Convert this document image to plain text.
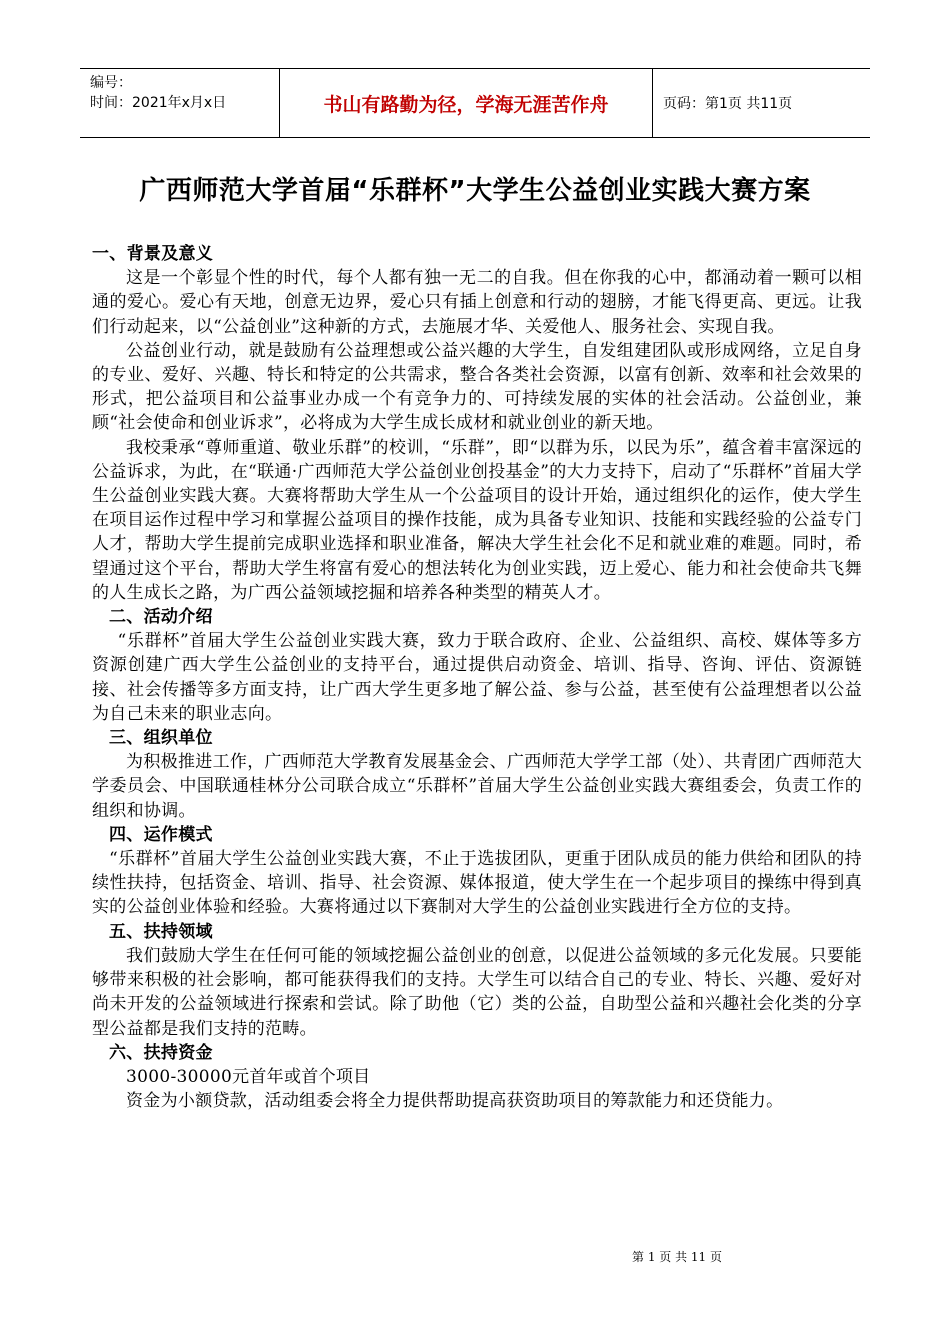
编号：
时间：2021年x月x日	书山有路勤为径，学海无涯苦作舟	页码：第1页 共11页
广西师范大学首届“乐群杯”大学生公益创业实践大赛方案
一、背景及意义

这是一个彰显个性的时代，每个人都有独一无二的自我。但在你我的心中，都涌动着一颗可以相通的爱心。爱心有天地，创意无边界，爱心只有插上创意和行动的翅膀，才能飞得更高、更远。让我们行动起来，以“公益创业”这种新的方式，去施展才华、关爱他人、服务社会、实现自我。

公益创业行动，就是鼓励有公益理想或公益兴趣的大学生，自发组建团队或形成网络，立足自身的专业、爱好、兴趣、特长和特定的公共需求，整合各类社会资源，以富有创新、效率和社会效果的形式，把公益项目和公益事业办成一个有竞争力的、可持续发展的实体的社会活动。公益创业，兼顾“社会使命和创业诉求”，必将成为大学生成长成材和就业创业的新天地。

我校秉承“尊师重道、敬业乐群”的校训，“乐群”，即“以群为乐，以民为乐”，蕴含着丰富深远的公益诉求，为此，在“联通·广西师范大学公益创业创投基金”的大力支持下，启动了“乐群杯”首届大学生公益创业实践大赛。大赛将帮助大学生从一个公益项目的设计开始，通过组织化的运作，使大学生在项目运作过程中学习和掌握公益项目的操作技能，成为具备专业知识、技能和实践经验的公益专门人才，帮助大学生提前完成职业选择和职业准备，解决大学生社会化不足和就业难的难题。同时，希望通过这个平台，帮助大学生将富有爱心的想法转化为创业实践，迈上爱心、能力和社会使命共飞舞的人生成长之路，为广西公益领域挖掘和培养各种类型的精英人才。

二、活动介绍

“乐群杯”首届大学生公益创业实践大赛，致力于联合政府、企业、公益组织、高校、媒体等多方资源创建广西大学生公益创业的支持平台，通过提供启动资金、培训、指导、咨询、评估、资源链接、社会传播等多方面支持，让广西大学生更多地了解公益、参与公益，甚至使有公益理想者以公益为自己未来的职业志向。

三、组织单位

为积极推进工作，广西师范大学教育发展基金会、广西师范大学学工部（处）、共青团广西师范大学委员会、中国联通桂林分公司联合成立“乐群杯”首届大学生公益创业实践大赛组委会，负责工作的组织和协调。

四、运作模式

“乐群杯”首届大学生公益创业实践大赛，不止于选拔团队，更重于团队成员的能力供给和团队的持续性扶持，包括资金、培训、指导、社会资源、媒体报道，使大学生在一个起步项目的操练中得到真实的公益创业体验和经验。大赛将通过以下赛制对大学生的公益创业实践进行全方位的支持。

五、扶持领域

我们鼓励大学生在任何可能的领域挖掘公益创业的创意，以促进公益领域的多元化发展。只要能够带来积极的社会影响，都可能获得我们的支持。大学生可以结合自己的专业、特长、兴趣、爱好对尚未开发的公益领域进行探索和尝试。除了助他（它）类的公益，自助型公益和兴趣社会化类的分享型公益都是我们支持的范畴。

六、扶持资金

3000-30000元首年或首个项目

资金为小额贷款，活动组委会将全力提供帮助提高获资助项目的筹款能力和还贷能力。

第 1 页 共 11 页
